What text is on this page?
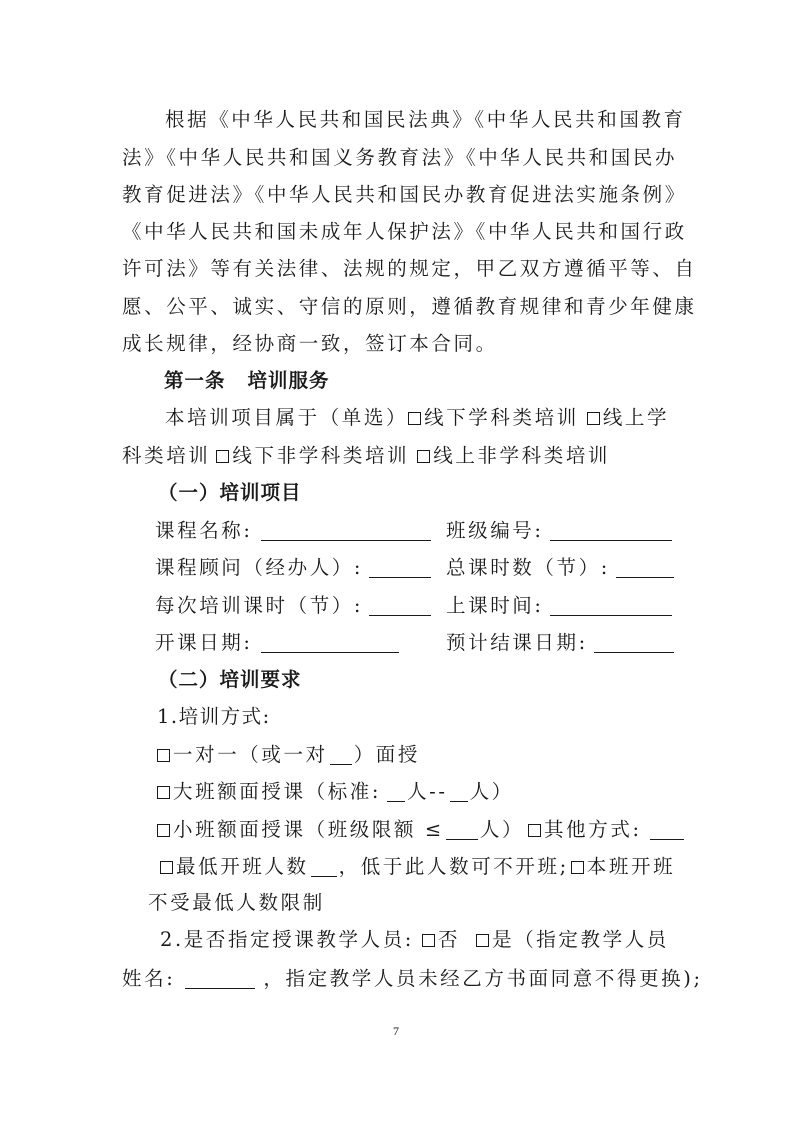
根据《中华人民共和国民法典》《中华人民共和国教育
法》《中华人民共和国义务教育法》《中华人民共和国民办
教育促进法》《中华人民共和国民办教育促进法实施条例》
《中华人民共和国未成年人保护法》《中华人民共和国行政
许可法》等有关法律、法规的规定，甲乙双方遵循平等、自
愿、公平、诚实、守信的原则，遵循教育规律和青少年健康
成长规律，经协商一致，签订本合同。
第一条 培训服务
本培训项目属于（单选） 线下学科类培训 线上学
科类培训 线下非学科类培训 线上非学科类培训
（一）培训项目
课程名称:	班级编号:
课程顾问（经办人）:	总课时数（节）:
每次培训课时（节）:	上课时间:
开课日期:	预计结课日期:
（二）培训要求
1.培训方式:
一对一（或一对 ）面授
大班额面授课（标准: 人-- 人）
小班额面授课（班级限额 ≤ 人） 其他方式:
最低开班人数 ，低于此人数可不开班; 本班开班
不受最低人数限制
2.是否指定授课教学人员: 否 是（指定教学人员
姓名:	，指定教学人员未经乙方书面同意不得更换);
7
